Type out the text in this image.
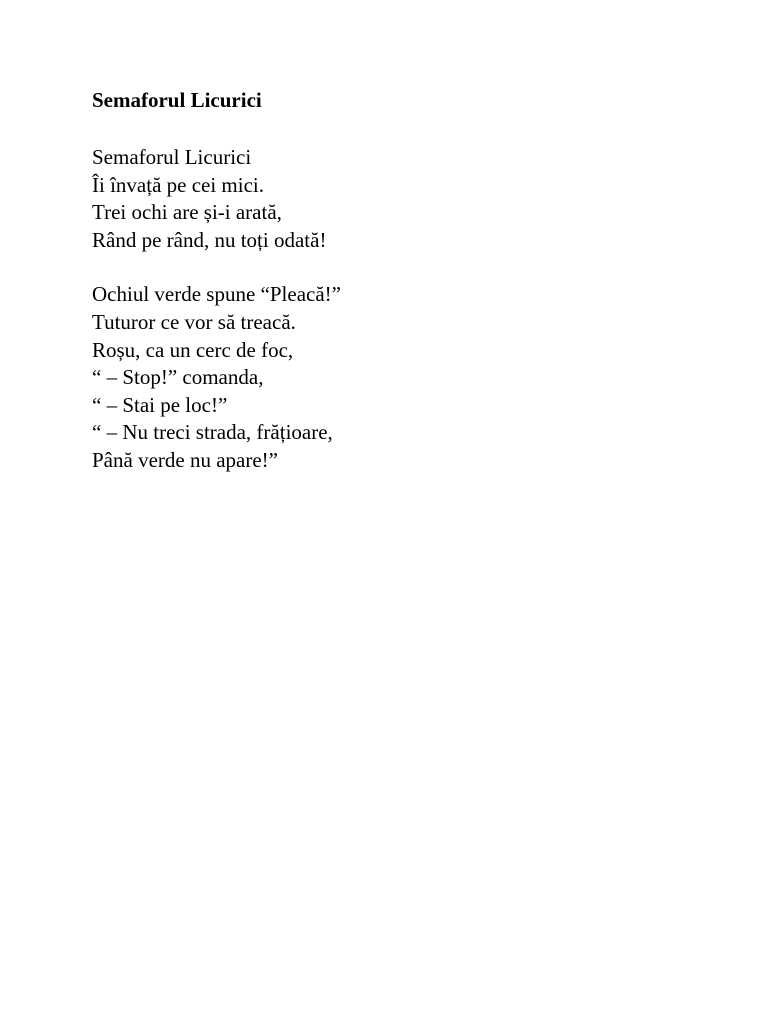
Semaforul Licurici
Semaforul Licurici
Îi învață pe cei mici.
Trei ochi are și-i arată,
Rând pe rând, nu toți odată!
Ochiul verde spune “Pleacă!”
Tuturor ce vor să treacă.
Roșu, ca un cerc de foc,
“ – Stop!” comanda,
“ – Stai pe loc!”
“ – Nu treci strada, frățioare,
Până verde nu apare!”
